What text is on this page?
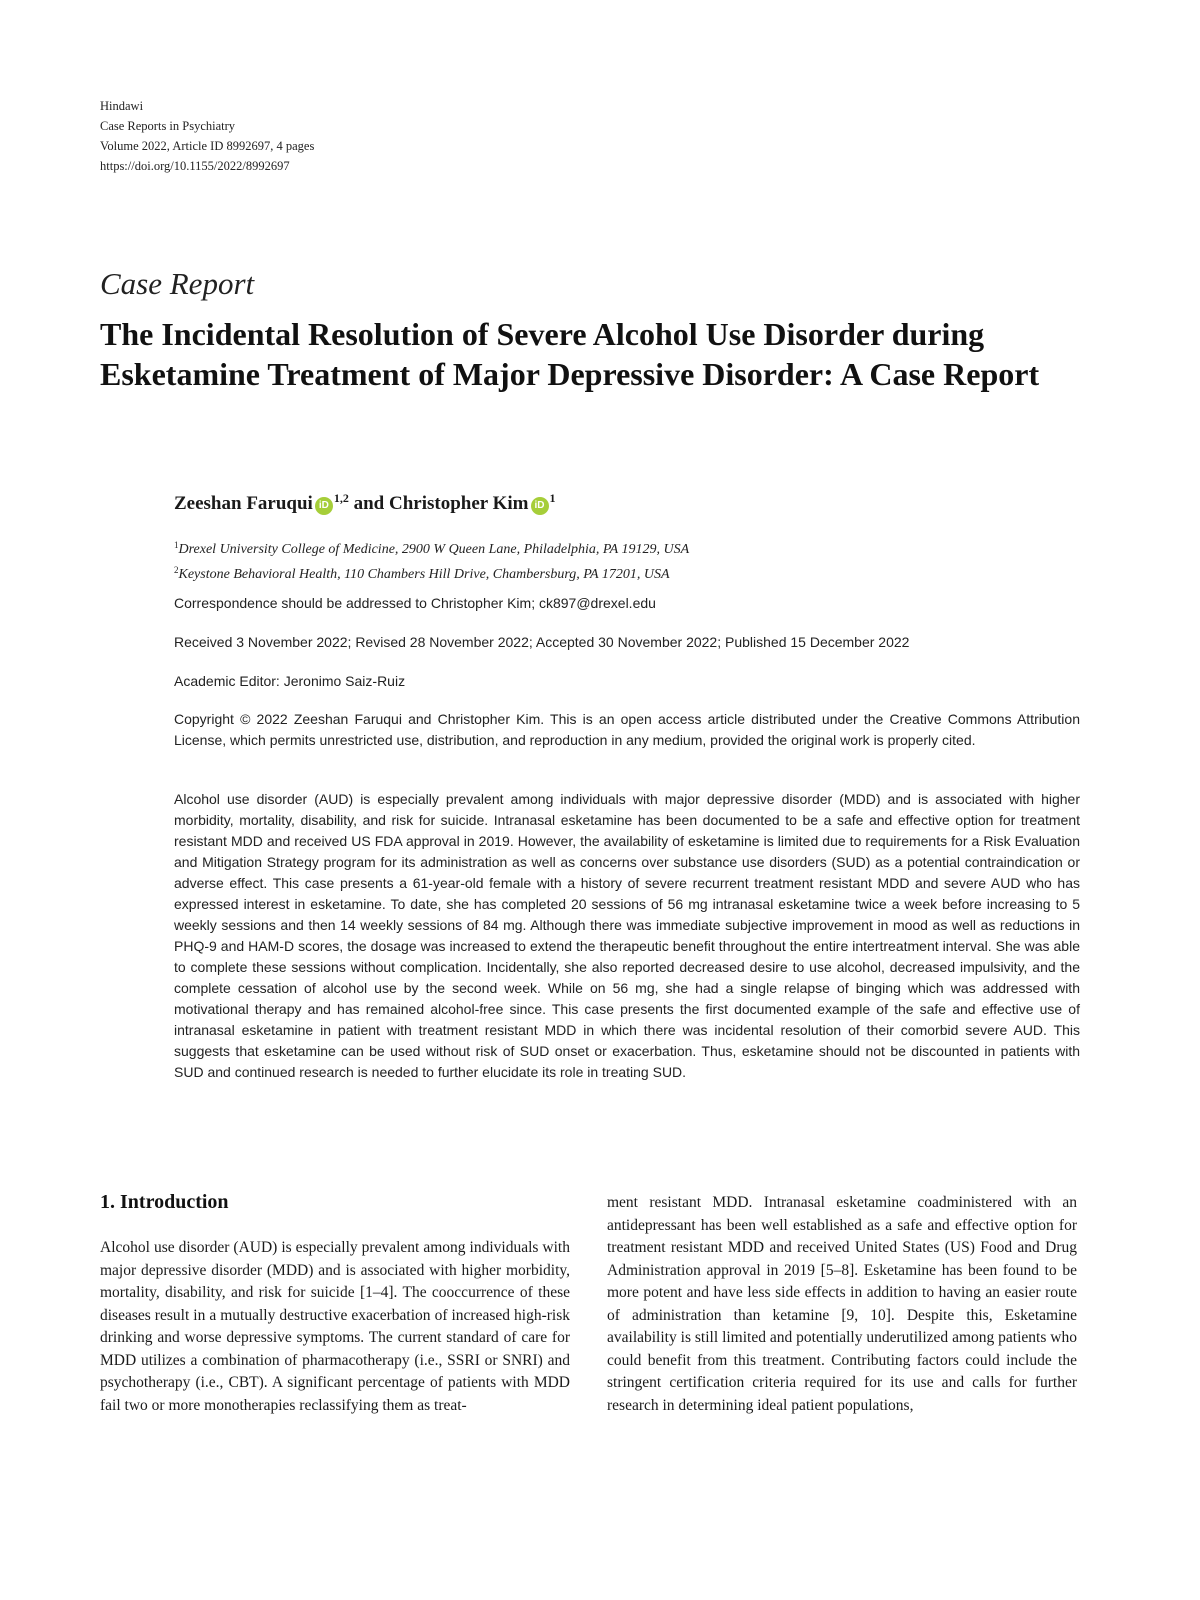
Hindawi
Case Reports in Psychiatry
Volume 2022, Article ID 8992697, 4 pages
https://doi.org/10.1155/2022/8992697
Case Report
The Incidental Resolution of Severe Alcohol Use Disorder during Esketamine Treatment of Major Depressive Disorder: A Case Report
Zeeshan Faruqui iD$^{1,2}$ and Christopher Kim $iD^1$
$^1$Drexel University College of Medicine, 2900 W Queen Lane, Philadelphia, PA 19129, USA
$^2$Keystone Behavioral Health, 110 Chambers Hill Drive, Chambersburg, PA 17201, USA
Correspondence should be addressed to Christopher Kim; ck897@drexel.edu
Received 3 November 2022; Revised 28 November 2022; Accepted 30 November 2022; Published 15 December 2022
Academic Editor: Jeronimo Saiz-Ruiz
Copyright © 2022 Zeeshan Faruqui and Christopher Kim. This is an open access article distributed under the Creative Commons Attribution License, which permits unrestricted use, distribution, and reproduction in any medium, provided the original work is properly cited.
Alcohol use disorder (AUD) is especially prevalent among individuals with major depressive disorder (MDD) and is associated with higher morbidity, mortality, disability, and risk for suicide. Intranasal esketamine has been documented to be a safe and effective option for treatment resistant MDD and received US FDA approval in 2019. However, the availability of esketamine is limited due to requirements for a Risk Evaluation and Mitigation Strategy program for its administration as well as concerns over substance use disorders (SUD) as a potential contraindication or adverse effect. This case presents a 61-year-old female with a history of severe recurrent treatment resistant MDD and severe AUD who has expressed interest in esketamine. To date, she has completed 20 sessions of 56 mg intranasal esketamine twice a week before increasing to 5 weekly sessions and then 14 weekly sessions of 84 mg. Although there was immediate subjective improvement in mood as well as reductions in PHQ-9 and HAM-D scores, the dosage was increased to extend the therapeutic benefit throughout the entire intertreatment interval. She was able to complete these sessions without complication. Incidentally, she also reported decreased desire to use alcohol, decreased impulsivity, and the complete cessation of alcohol use by the second week. While on 56 mg, she had a single relapse of binging which was addressed with motivational therapy and has remained alcohol-free since. This case presents the first documented example of the safe and effective use of intranasal esketamine in patient with treatment resistant MDD in which there was incidental resolution of their comorbid severe AUD. This suggests that esketamine can be used without risk of SUD onset or exacerbation. Thus, esketamine should not be discounted in patients with SUD and continued research is needed to further elucidate its role in treating SUD.
1. Introduction
Alcohol use disorder (AUD) is especially prevalent among individuals with major depressive disorder (MDD) and is associated with higher morbidity, mortality, disability, and risk for suicide [1–4]. The cooccurrence of these diseases result in a mutually destructive exacerbation of increased high-risk drinking and worse depressive symptoms. The current standard of care for MDD utilizes a combination of pharmacotherapy (i.e., SSRI or SNRI) and psychotherapy (i.e., CBT). A significant percentage of patients with MDD fail two or more monotherapies reclassifying them as treat-
ment resistant MDD. Intranasal esketamine coadministered with an antidepressant has been well established as a safe and effective option for treatment resistant MDD and received United States (US) Food and Drug Administration approval in 2019 [5–8]. Esketamine has been found to be more potent and have less side effects in addition to having an easier route of administration than ketamine [9, 10]. Despite this, Esketamine availability is still limited and potentially underutilized among patients who could benefit from this treatment. Contributing factors could include the stringent certification criteria required for its use and calls for further research in determining ideal patient populations,
